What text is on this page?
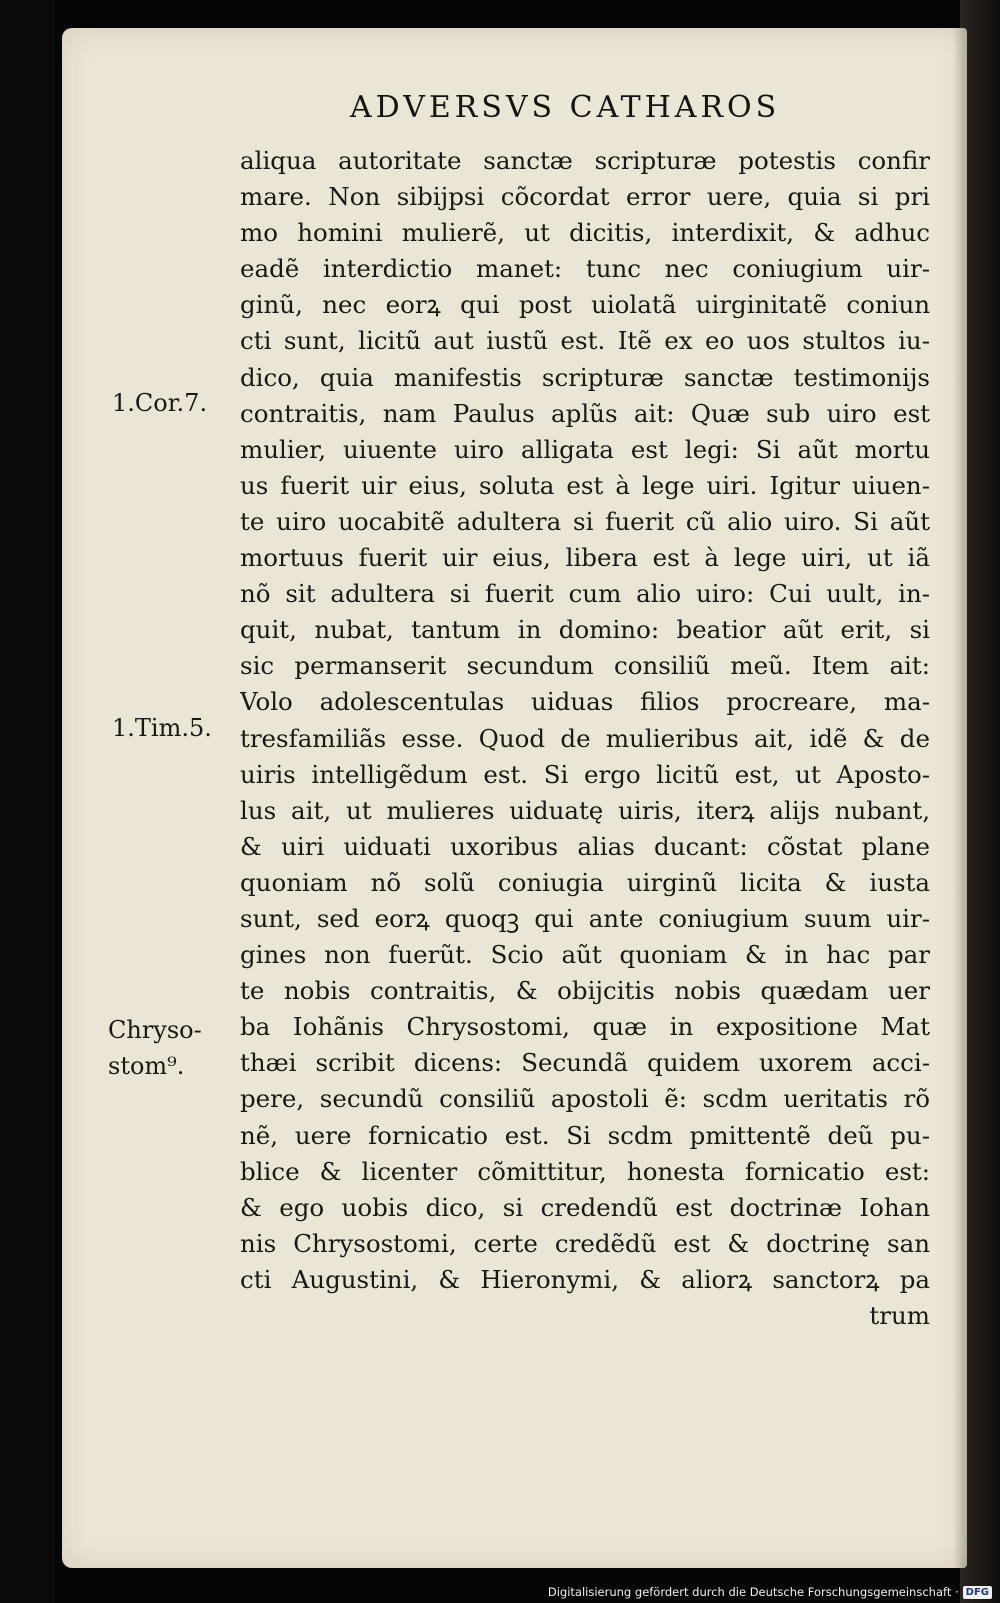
ADVERSVS CATHAROS
1.Cor.7.
1.Tim.5.
Chryso-
stom⁹.
aliqua autoritate sanctæ scripturæ potestis confir
mare. Non sibijpsi cõcordat error uere, quia si pri
mo homini mulierẽ, ut dicitis, interdixit, & adhuc
eadẽ interdictio manet: tunc nec coniugium uir-
ginũ, nec eorꝝ qui post uiolatã uirginitatẽ coniun
cti sunt, licitũ aut iustũ est. Itẽ ex eo uos stultos iu-
dico, quia manifestis scripturæ sanctæ testimonijs
contraitis, nam Paulus aplũs ait: Quæ sub uiro est
mulier, uiuente uiro alligata est legi: Si aũt mortu
us fuerit uir eius, soluta est à lege uiri. Igitur uiuen-
te uiro uocabitẽ adultera si fuerit cũ alio uiro. Si aũt
mortuus fuerit uir eius, libera est à lege uiri, ut iã
nõ sit adultera si fuerit cum alio uiro: Cui uult, in-
quit, nubat, tantum in domino: beatior aũt erit, si
sic permanserit secundum consiliũ meũ. Item ait:
Volo adolescentulas uiduas filios procreare, ma-
tresfamiliãs esse. Quod de mulieribus ait, idẽ & de
uiris intelligẽdum est. Si ergo licitũ est, ut Aposto-
lus ait, ut mulieres uiduatę uiris, iterꝝ alijs nubant,
& uiri uiduati uxoribus alias ducant: cõstat plane
quoniam nõ solũ coniugia uirginũ licita & iusta
sunt, sed eorꝝ quoqꝫ qui ante coniugium suum uir-
gines non fuerũt. Scio aũt quoniam & in hac par
te nobis contraitis, & obijcitis nobis quædam uer
ba Iohãnis Chrysostomi, quæ in expositione Mat
thæi scribit dicens: Secundã quidem uxorem acci-
pere, secundũ consiliũ apostoli ẽ: scdm ueritatis rõ
nẽ, uere fornicatio est. Si scdm pmittentẽ deũ pu-
blice & licenter cõmittitur, honesta fornicatio est:
& ego uobis dico, si credendũ est doctrinæ Iohan
nis Chrysostomi, certe credẽdũ est & doctrinę san
cti Augustini, & Hieronymi, & aliorꝝ sanctorꝝ pa
trum
Digitalisierung gefördert durch die Deutsche Forschungsgemeinschaft · DFG
